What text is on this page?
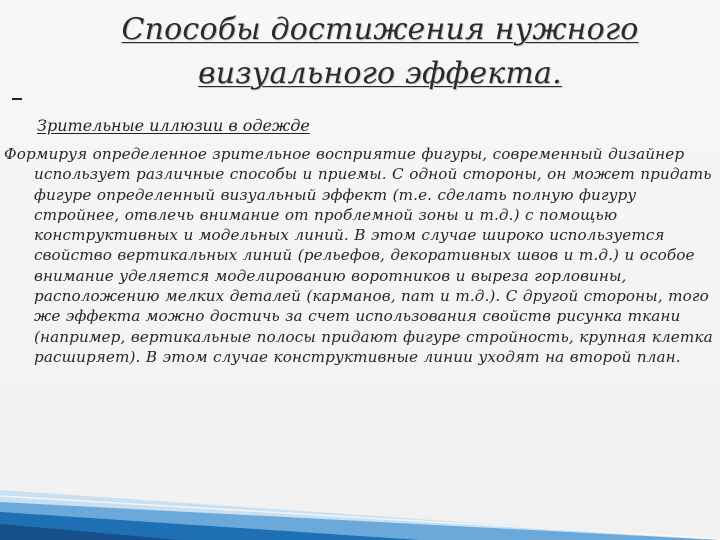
Способы достижения нужного визуального эффекта.
Зрительные иллюзии в одежде
Формируя определенное зрительное восприятие фигуры, современный дизайнер использует различные способы и приемы. С одной стороны, он может придать фигуре определенный визуальный эффект (т.е. сделать полную фигуру стройнее, отвлечь внимание от проблемной зоны и т.д.) с помощью конструктивных и модельных линий. В этом случае широко используется свойство вертикальных линий (рельефов, декоративных швов и т.д.) и особое внимание уделяется моделированию воротников и выреза горловины, расположению мелких деталей (карманов, пат и т.д.). С другой стороны, того же эффекта можно достичь за счет использования свойств рисунка ткани (например, вертикальные полосы придают фигуре стройность, крупная клетка расширяет). В этом случае конструктивные линии уходят на второй план.
